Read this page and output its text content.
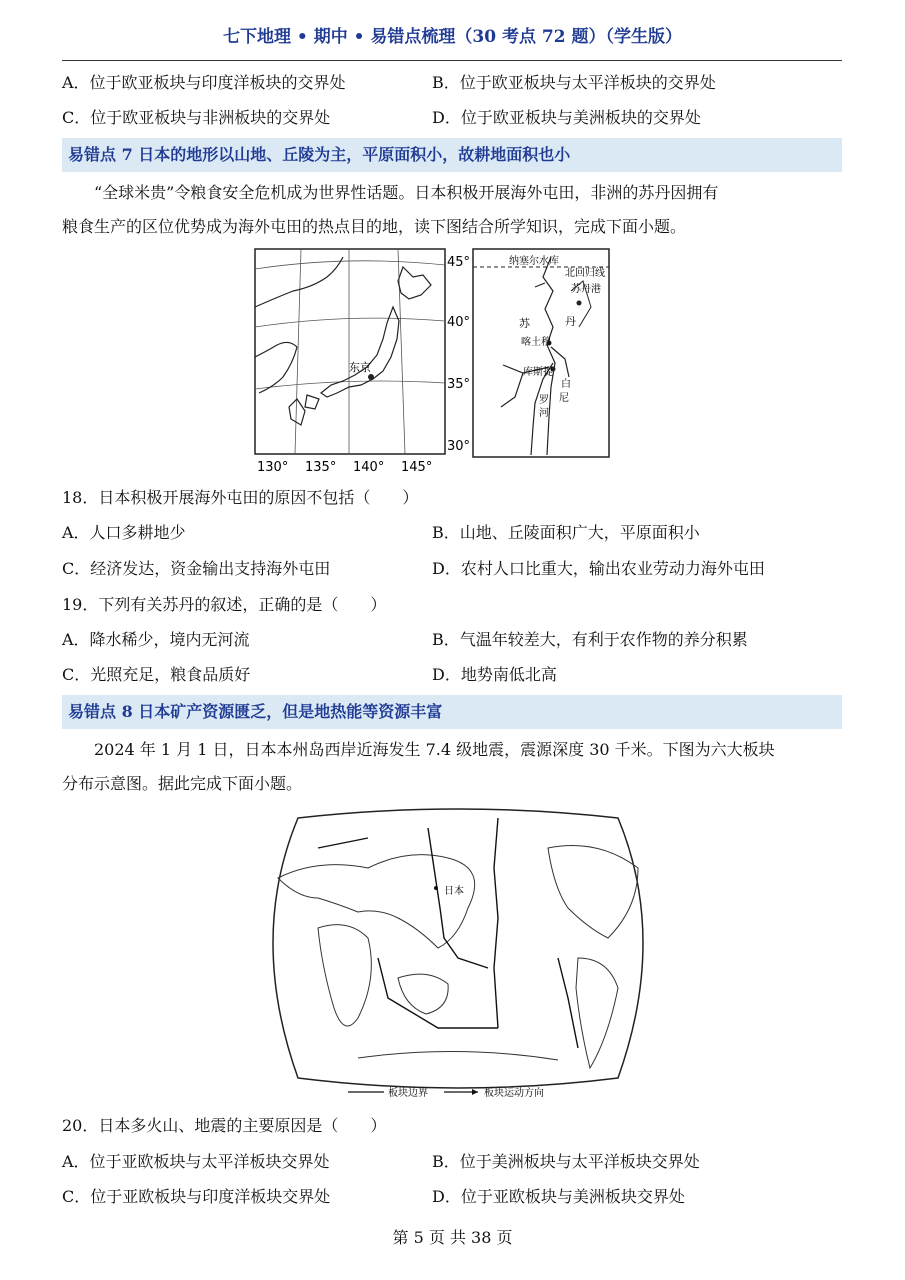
七下地理 • 期中 • 易错点梳理（30 考点 72 题）（学生版）
A．位于欧亚板块与印度洋板块的交界处	B．位于欧亚板块与太平洋板块的交界处
C．位于欧亚板块与非洲板块的交界处	D．位于欧亚板块与美洲板块的交界处
易错点 7 日本的地形以山地、丘陵为主，平原面积小，故耕地面积也小

“全球米贵”令粮食安全危机成为世界性话题。日本积极开展海外屯田，非洲的苏丹因拥有

粮食生产的区位优势成为海外屯田的热点目的地，读下图结合所学知识，完成下面小题。

东京
45°
40°
35°
30°
130° 135° 140° 145°
纳塞尔水库
北回归线
苏丹港
苏	丹
喀土穆
库斯提
白
尼
罗
河
18．日本积极开展海外屯田的原因不包括（　　）
A．人口多耕地少	B．山地、丘陵面积广大，平原面积小
C．经济发达，资金输出支持海外屯田	D．农村人口比重大，输出农业劳动力海外屯田
19．下列有关苏丹的叙述，正确的是（　　）
A．降水稀少，境内无河流	B．气温年较差大，有利于农作物的养分积累
C．光照充足，粮食品质好	D．地势南低北高
易错点 8 日本矿产资源匮乏，但是地热能等资源丰富

2024 年 1 月 1 日，日本本州岛西岸近海发生 7.4 级地震，震源深度 30 千米。下图为六大板块

分布示意图。据此完成下面小题。

日本
板块边界	板块运动方向
20．日本多火山、地震的主要原因是（　　）
A．位于亚欧板块与太平洋板块交界处	B．位于美洲板块与太平洋板块交界处
C．位于亚欧板块与印度洋板块交界处	D．位于亚欧板块与美洲板块交界处
第 5 页 共 38 页
